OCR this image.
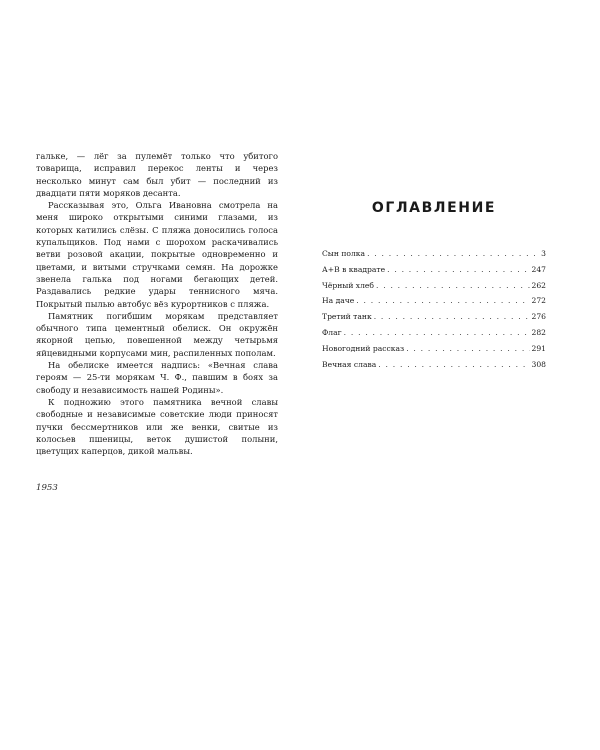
гальке, — лёг за пулемёт только что убитого товарища, исправил перекос ленты и через несколько минут сам был убит — последний из двадцати пяти моряков десанта.

Рассказывая это, Ольга Ивановна смотрела на меня широко открытыми синими глазами, из которых катились слёзы. С пляжа доносились голоса купальщиков. Под нами с шорохом раскачивались ветви розовой акации, покрытые одновременно и цветами, и витыми стручками семян. На дорожке звенела галька под ногами бегающих детей. Раздавались редкие удары теннисного мяча. Покрытый пылью автобус вёз курортников с пляжа.

Памятник погибшим морякам представляет обычного типа цементный обелиск. Он окружён якорной цепью, повешенной между четырьмя яйцевидными корпусами мин, распиленных пополам.

На обелиске имеется надпись: «Вечная слава героям — 25-ти морякам Ч. Ф., павшим в боях за свободу и независимость нашей Родины».

К подножию этого памятника вечной славы свободные и независимые советские люди приносят пучки бессмертников или же венки, свитые из колосьев пшеницы, веток душистой полыни, цветущих каперцов, дикой мальвы.

1953

ОГЛАВЛЕНИЕ
Сын полка . . .	3
А+В в квадрате . . .	247
Чёрный хлеб . . .	262
На даче . . .	272
Третий танк . . .	276
Флаг . . .	282
Новогодний рассказ . . .	291
Вечная слава . . .	308
